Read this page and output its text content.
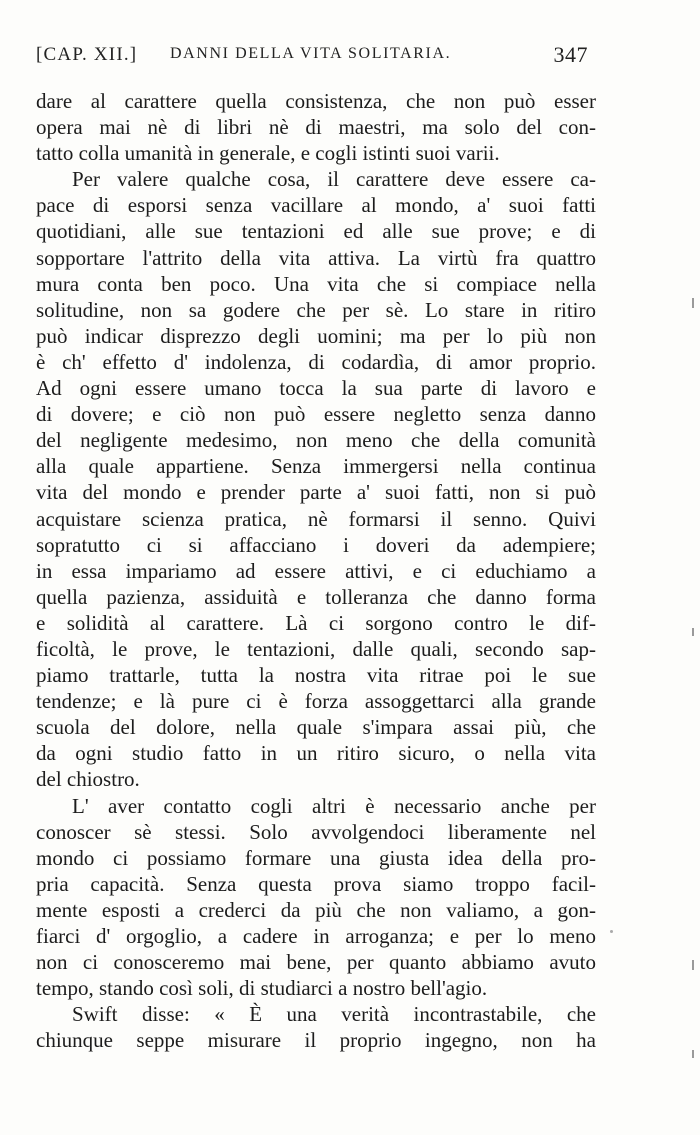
[CAP. XII.] DANNI DELLA VITA SOLITARIA.	347
dare al carattere quella consistenza, che non può esser
opera mai nè di libri nè di maestri, ma solo del con-
tatto colla umanità in generale, e cogli istinti suoi varii.
Per valere qualche cosa, il carattere deve essere ca-
pace di esporsi senza vacillare al mondo, a' suoi fatti
quotidiani, alle sue tentazioni ed alle sue prove; e di
sopportare l'attrito della vita attiva. La virtù fra quattro
mura conta ben poco. Una vita che si compiace nella
solitudine, non sa godere che per sè. Lo stare in ritiro
può indicar disprezzo degli uomini; ma per lo più non
è ch' effetto d' indolenza, di codardìa, di amor proprio.
Ad ogni essere umano tocca la sua parte di lavoro e
di dovere; e ciò non può essere negletto senza danno
del negligente medesimo, non meno che della comunità
alla quale appartiene. Senza immergersi nella continua
vita del mondo e prender parte a' suoi fatti, non si può
acquistare scienza pratica, nè formarsi il senno. Quivi
sopratutto ci si affacciano i doveri da adempiere;
in essa impariamo ad essere attivi, e ci educhiamo a
quella pazienza, assiduità e tolleranza che danno forma
e solidità al carattere. Là ci sorgono contro le dif-
ficoltà, le prove, le tentazioni, dalle quali, secondo sap-
piamo trattarle, tutta la nostra vita ritrae poi le sue
tendenze; e là pure ci è forza assoggettarci alla grande
scuola del dolore, nella quale s'impara assai più, che
da ogni studio fatto in un ritiro sicuro, o nella vita
del chiostro.
L' aver contatto cogli altri è necessario anche per
conoscer sè stessi. Solo avvolgendoci liberamente nel
mondo ci possiamo formare una giusta idea della pro-
pria capacità. Senza questa prova siamo troppo facil-
mente esposti a crederci da più che non valiamo, a gon-
fiarci d' orgoglio, a cadere in arroganza; e per lo meno
non ci conosceremo mai bene, per quanto abbiamo avuto
tempo, stando così soli, di studiarci a nostro bell'agio.
Swift disse: « È una verità incontrastabile, che
chiunque seppe misurare il proprio ingegno, non ha
